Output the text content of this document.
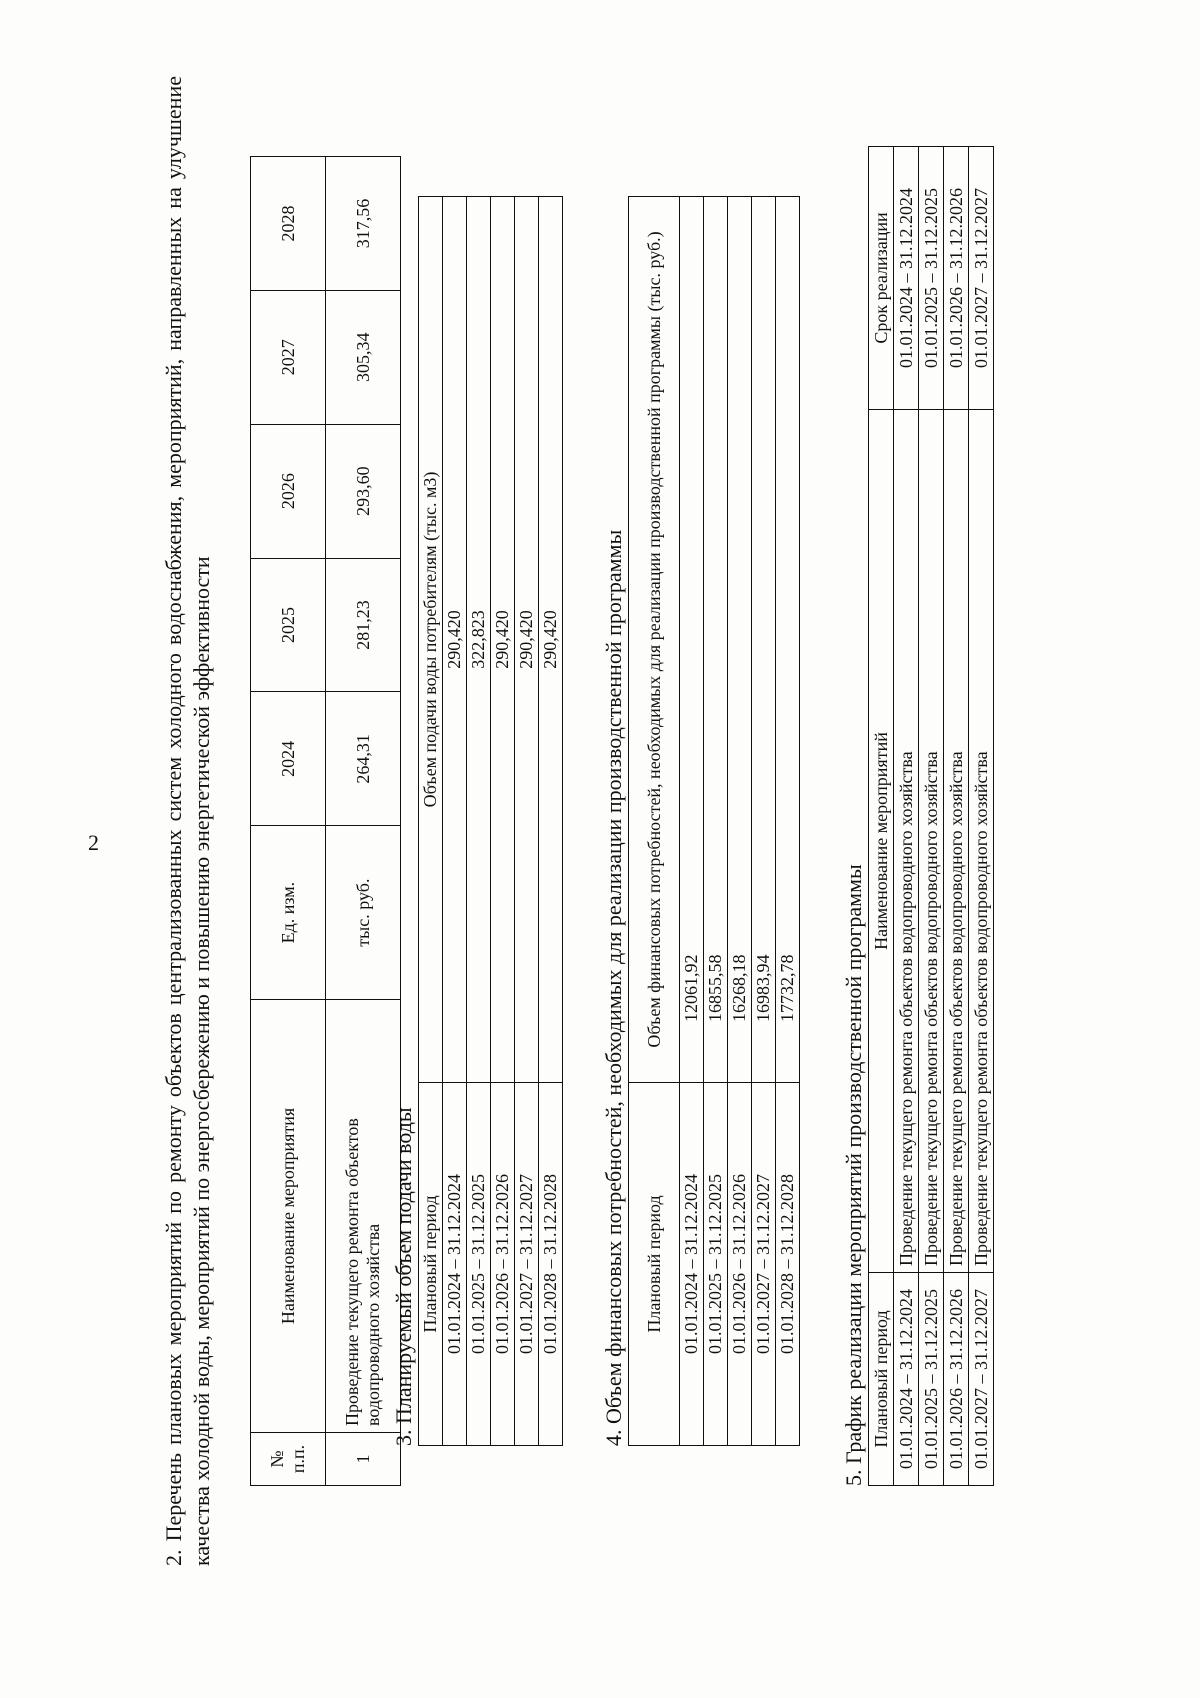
2	2. Перечень плановых мероприятий по ремонту объектов централизованных систем холодного водоснабжения, мероприятий, направленных на улучшение качества холодной воды, мероприятий по энергосбережению и повышению энергетической эффективности	№ п.п.	Наименование мероприятия	Ед. изм.	2024	2025	2026	2027	2028
1	Проведение текущего ремонта объектов водопроводного хозяйства	тыс. руб.	264,31	281,23	293,60	305,34	317,56
3. Планируемый объем подачи воды Плановый период	Объем подачи воды потребителям (тыс. м3)
01.01.2024 – 31.12.2024	290,420
01.01.2025 – 31.12.2025	322,823
01.01.2026 – 31.12.2026	290,420
01.01.2027 – 31.12.2027	290,420
01.01.2028 – 31.12.2028	290,420 4. Объем финансовых потребностей, необходимых для реализации производственной программы Плановый период	Объем финансовых потребностей, необходимых для реализации производственной программы (тыс. руб.)
01.01.2024 – 31.12.2024	12061,92
01.01.2025 – 31.12.2025	16855,58
01.01.2026 – 31.12.2026	16268,18
01.01.2027 – 31.12.2027	16983,94
01.01.2028 – 31.12.2028	17732,78 5. График реализации мероприятий производственной программы Плановый период	Наименование мероприятий	Срок реализации
01.01.2024 – 31.12.2024	Проведение текущего ремонта объектов водопроводного хозяйства	01.01.2024 – 31.12.2024
01.01.2025 – 31.12.2025	Проведение текущего ремонта объектов водопроводного хозяйства	01.01.2025 – 31.12.2025
01.01.2026 – 31.12.2026	Проведение текущего ремонта объектов водопроводного хозяйства	01.01.2026 – 31.12.2026
01.01.2027 – 31.12.2027	Проведение текущего ремонта объектов водопроводного хозяйства	01.01.2027 – 31.12.2027
